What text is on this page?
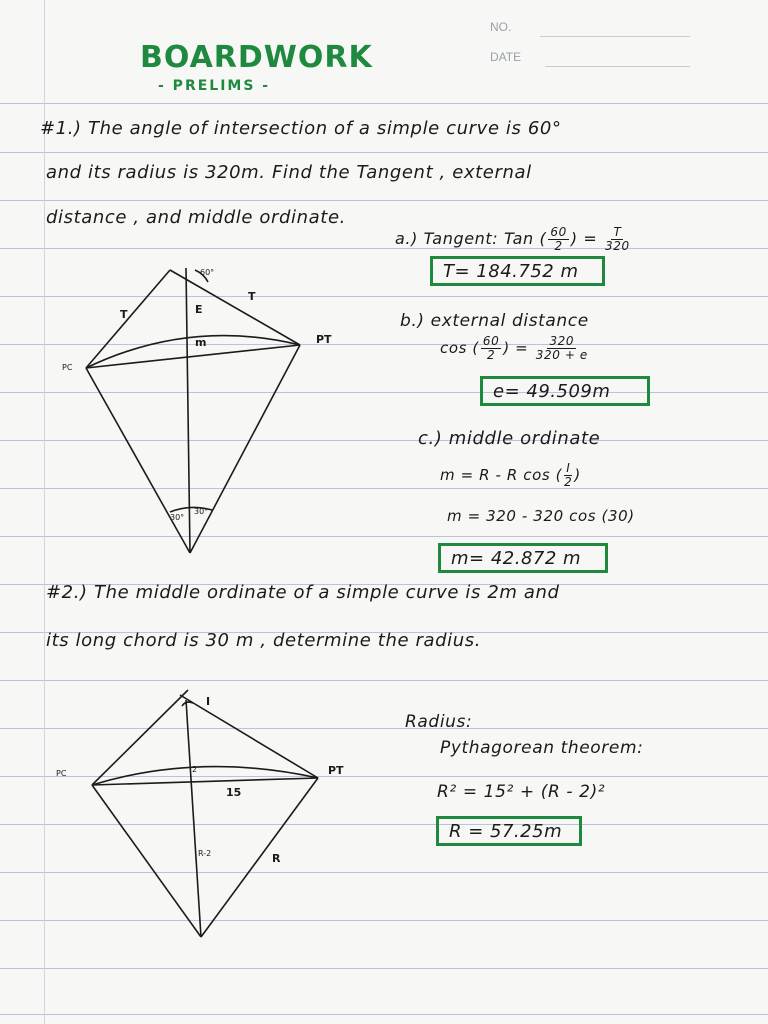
BOARDWORK
- PRELIMS -
NO.
DATE
#1.) The angle of intersection of a simple curve is 60°
and its radius is 320m. Find the Tangent , external
distance , and middle ordinate.
a.) Tangent: Tan ( $\frac{60}{2}$ ) = $\frac{T}{320}$
T= 184.752 m
b.) external distance
cos ( $\frac{60}{2}$ ) = $\frac{320}{320 + e}$
e= 49.509m
c.) middle ordinate
m = R - R cos ( $\frac{I}{2}$ )
m = 320 - 320 cos (30)
m= 42.872 m
#2.) The middle ordinate of a simple curve is 2m and
its long chord is 30 m , determine the radius.
Radius:
Pythagorean theorem:
R² = 15² + (R - 2)²
R = 57.25m
T
T
E
m
PC
PT
60°
30°
30°
I
2
15
R-2	R
PC	PT
